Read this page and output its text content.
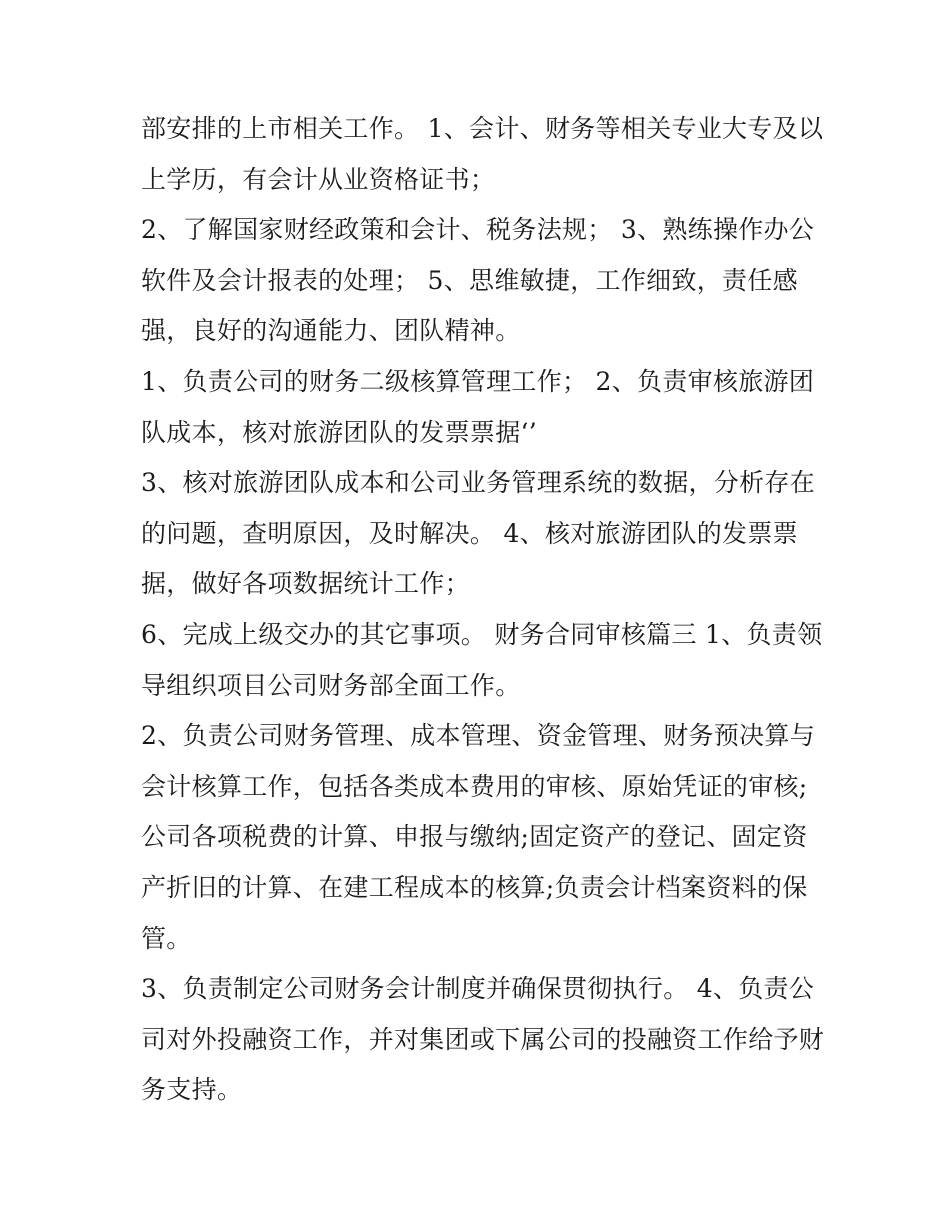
部安排的上市相关工作。 1、会计、财务等相关专业大专及以
上学历，有会计从业资格证书；

2、了解国家财经政策和会计、税务法规； 3、熟练操作办公
软件及会计报表的处理； 5、思维敏捷，工作细致，责任感
强，良好的沟通能力、团队精神。

1、负责公司的财务二级核算管理工作； 2、负责审核旅游团
队成本，核对旅游团队的发票票据‘’

3、核对旅游团队成本和公司业务管理系统的数据，分析存在
的问题，查明原因，及时解决。 4、核对旅游团队的发票票
据，做好各项数据统计工作；

6、完成上级交办的其它事项。 财务合同审核篇三 1、负责领
导组织项目公司财务部全面工作。

2、负责公司财务管理、成本管理、资金管理、财务预决算与
会计核算工作，包括各类成本费用的审核、原始凭证的审核;
公司各项税费的计算、申报与缴纳;固定资产的登记、固定资
产折旧的计算、在建工程成本的核算;负责会计档案资料的保
管。

3、负责制定公司财务会计制度并确保贯彻执行。 4、负责公
司对外投融资工作，并对集团或下属公司的投融资工作给予财
务支持。
